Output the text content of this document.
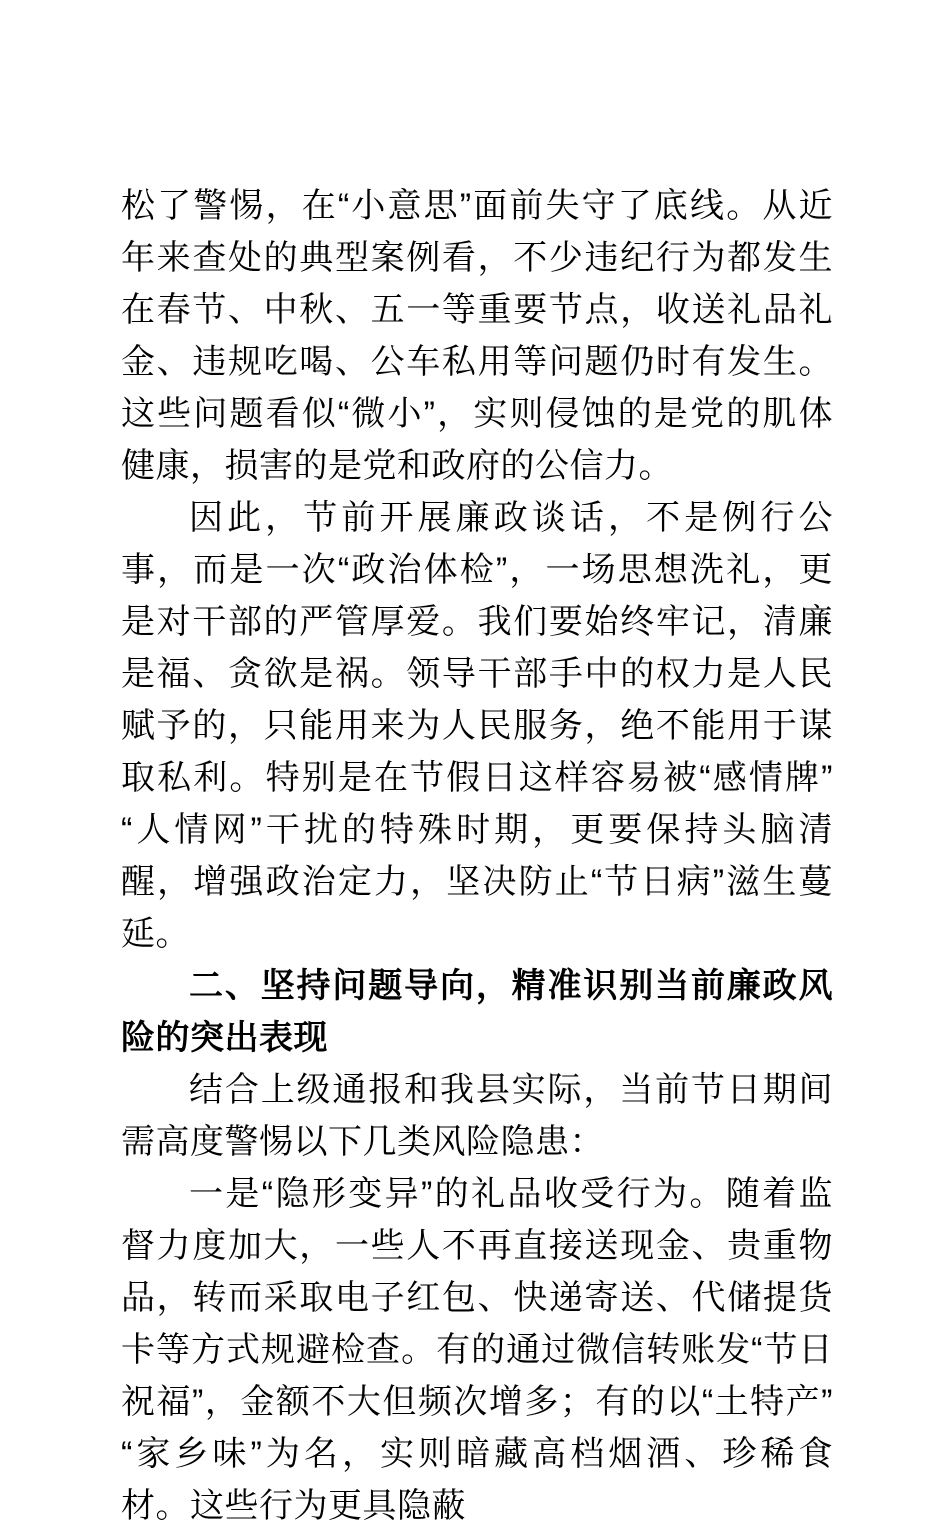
松了警惕，在“小意思”面前失守了底线。从近年来查处的典型案例看，不少违纪行为都发生在春节、中秋、五一等重要节点，收送礼品礼金、违规吃喝、公车私用等问题仍时有发生。这些问题看似“微小”，实则侵蚀的是党的肌体健康，损害的是党和政府的公信力。

因此，节前开展廉政谈话，不是例行公事，而是一次“政治体检”，一场思想洗礼，更是对干部的严管厚爱。我们要始终牢记，清廉是福、贪欲是祸。领导干部手中的权力是人民赋予的，只能用来为人民服务，绝不能用于谋取私利。特别是在节假日这样容易被“感情牌”“人情网”干扰的特殊时期，更要保持头脑清醒，增强政治定力，坚决防止“节日病”滋生蔓延。

二、坚持问题导向，精准识别当前廉政风险的突出表现

结合上级通报和我县实际，当前节日期间需高度警惕以下几类风险隐患：

一是“隐形变异”的礼品收受行为。随着监督力度加大，一些人不再直接送现金、贵重物品，转而采取电子红包、快递寄送、代储提货卡等方式规避检查。有的通过微信转账发“节日祝福”，金额不大但频次增多；有的以“土特产”“家乡味”为名，实则暗藏高档烟酒、珍稀食材。这些行为更具隐蔽
